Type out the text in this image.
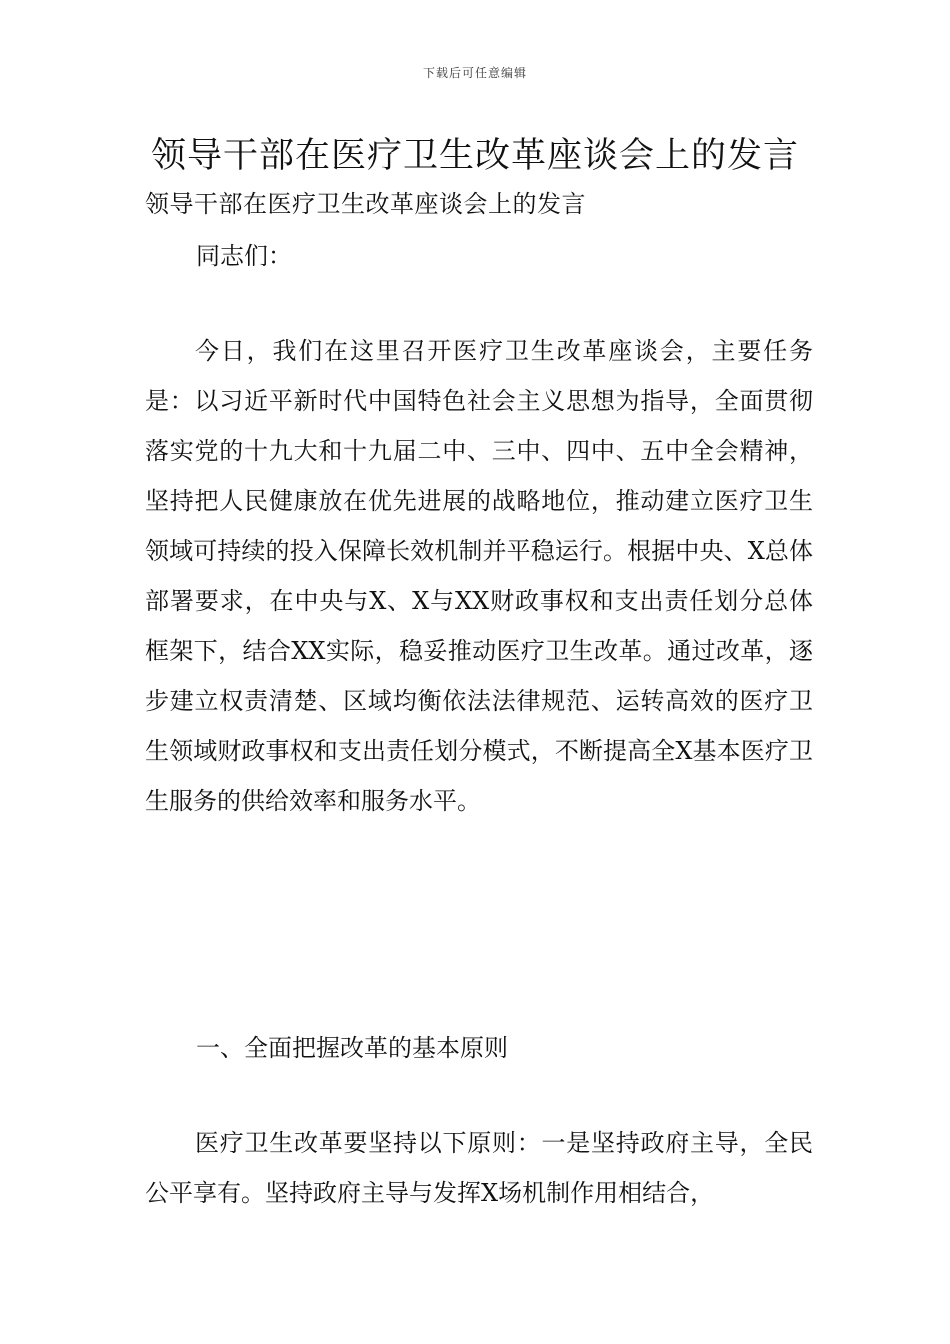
下载后可任意编辑
领导干部在医疗卫生改革座谈会上的发言
领导干部在医疗卫生改革座谈会上的发言
同志们：

今日，我们在这里召开医疗卫生改革座谈会，主要任务是：以习近平新时代中国特色社会主义思想为指导，全面贯彻落实党的十九大和十九届二中、三中、四中、五中全会精神，坚持把人民健康放在优先进展的战略地位，推动建立医疗卫生领域可持续的投入保障长效机制并平稳运行。根据中央、X总体部署要求，在中央与X、X与XX财政事权和支出责任划分总体框架下，结合XX实际，稳妥推动医疗卫生改革。通过改革，逐步建立权责清楚、区域均衡依法法律规范、运转高效的医疗卫生领域财政事权和支出责任划分模式，不断提高全X基本医疗卫生服务的供给效率和服务水平。

一、全面把握改革的基本原则

医疗卫生改革要坚持以下原则：一是坚持政府主导，全民公平享有。坚持政府主导与发挥X场机制作用相结合，
